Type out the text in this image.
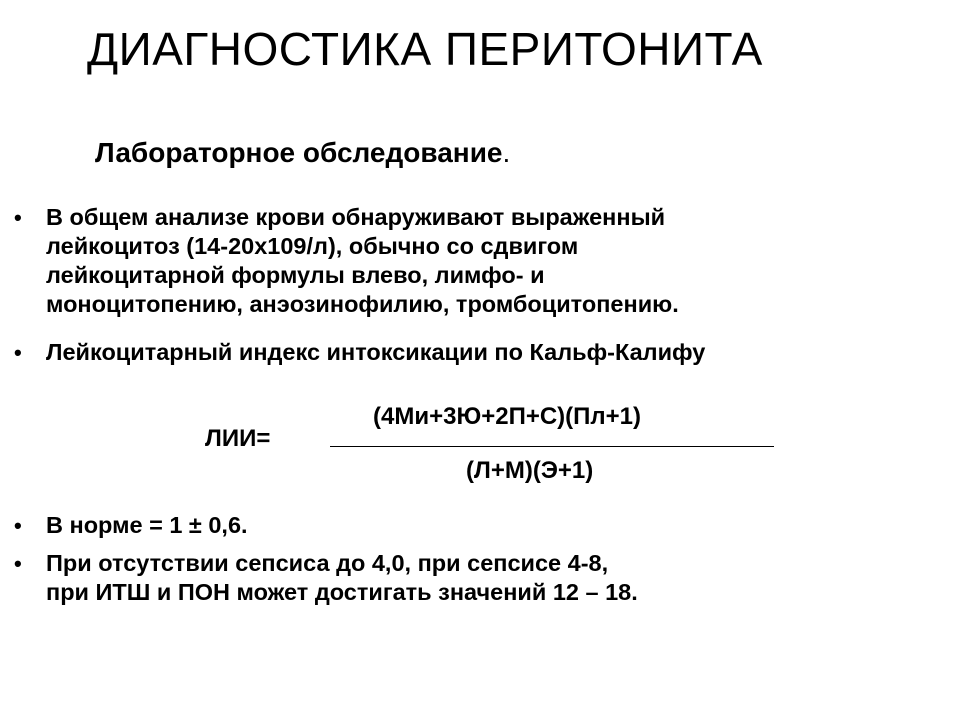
ДИАГНОСТИКА ПЕРИТОНИТА
Лабораторное обследование.
• В общем анализе крови обнаруживают выраженный
лейкоцитоз (14-20х109/л), обычно со сдвигом
лейкоцитарной формулы влево, лимфо- и
моноцитопению, анэозинофилию, тромбоцитопению.
• Лейкоцитарный индекс интоксикации по Кальф-Калифу
ЛИИ=
(4Ми+3Ю+2П+С)(Пл+1)
(Л+М)(Э+1)
• В норме = 1 ± 0,6.
• При отсутствии сепсиса до 4,0, при сепсисе 4-8,
при ИТШ и ПОН может достигать значений 12 – 18.
